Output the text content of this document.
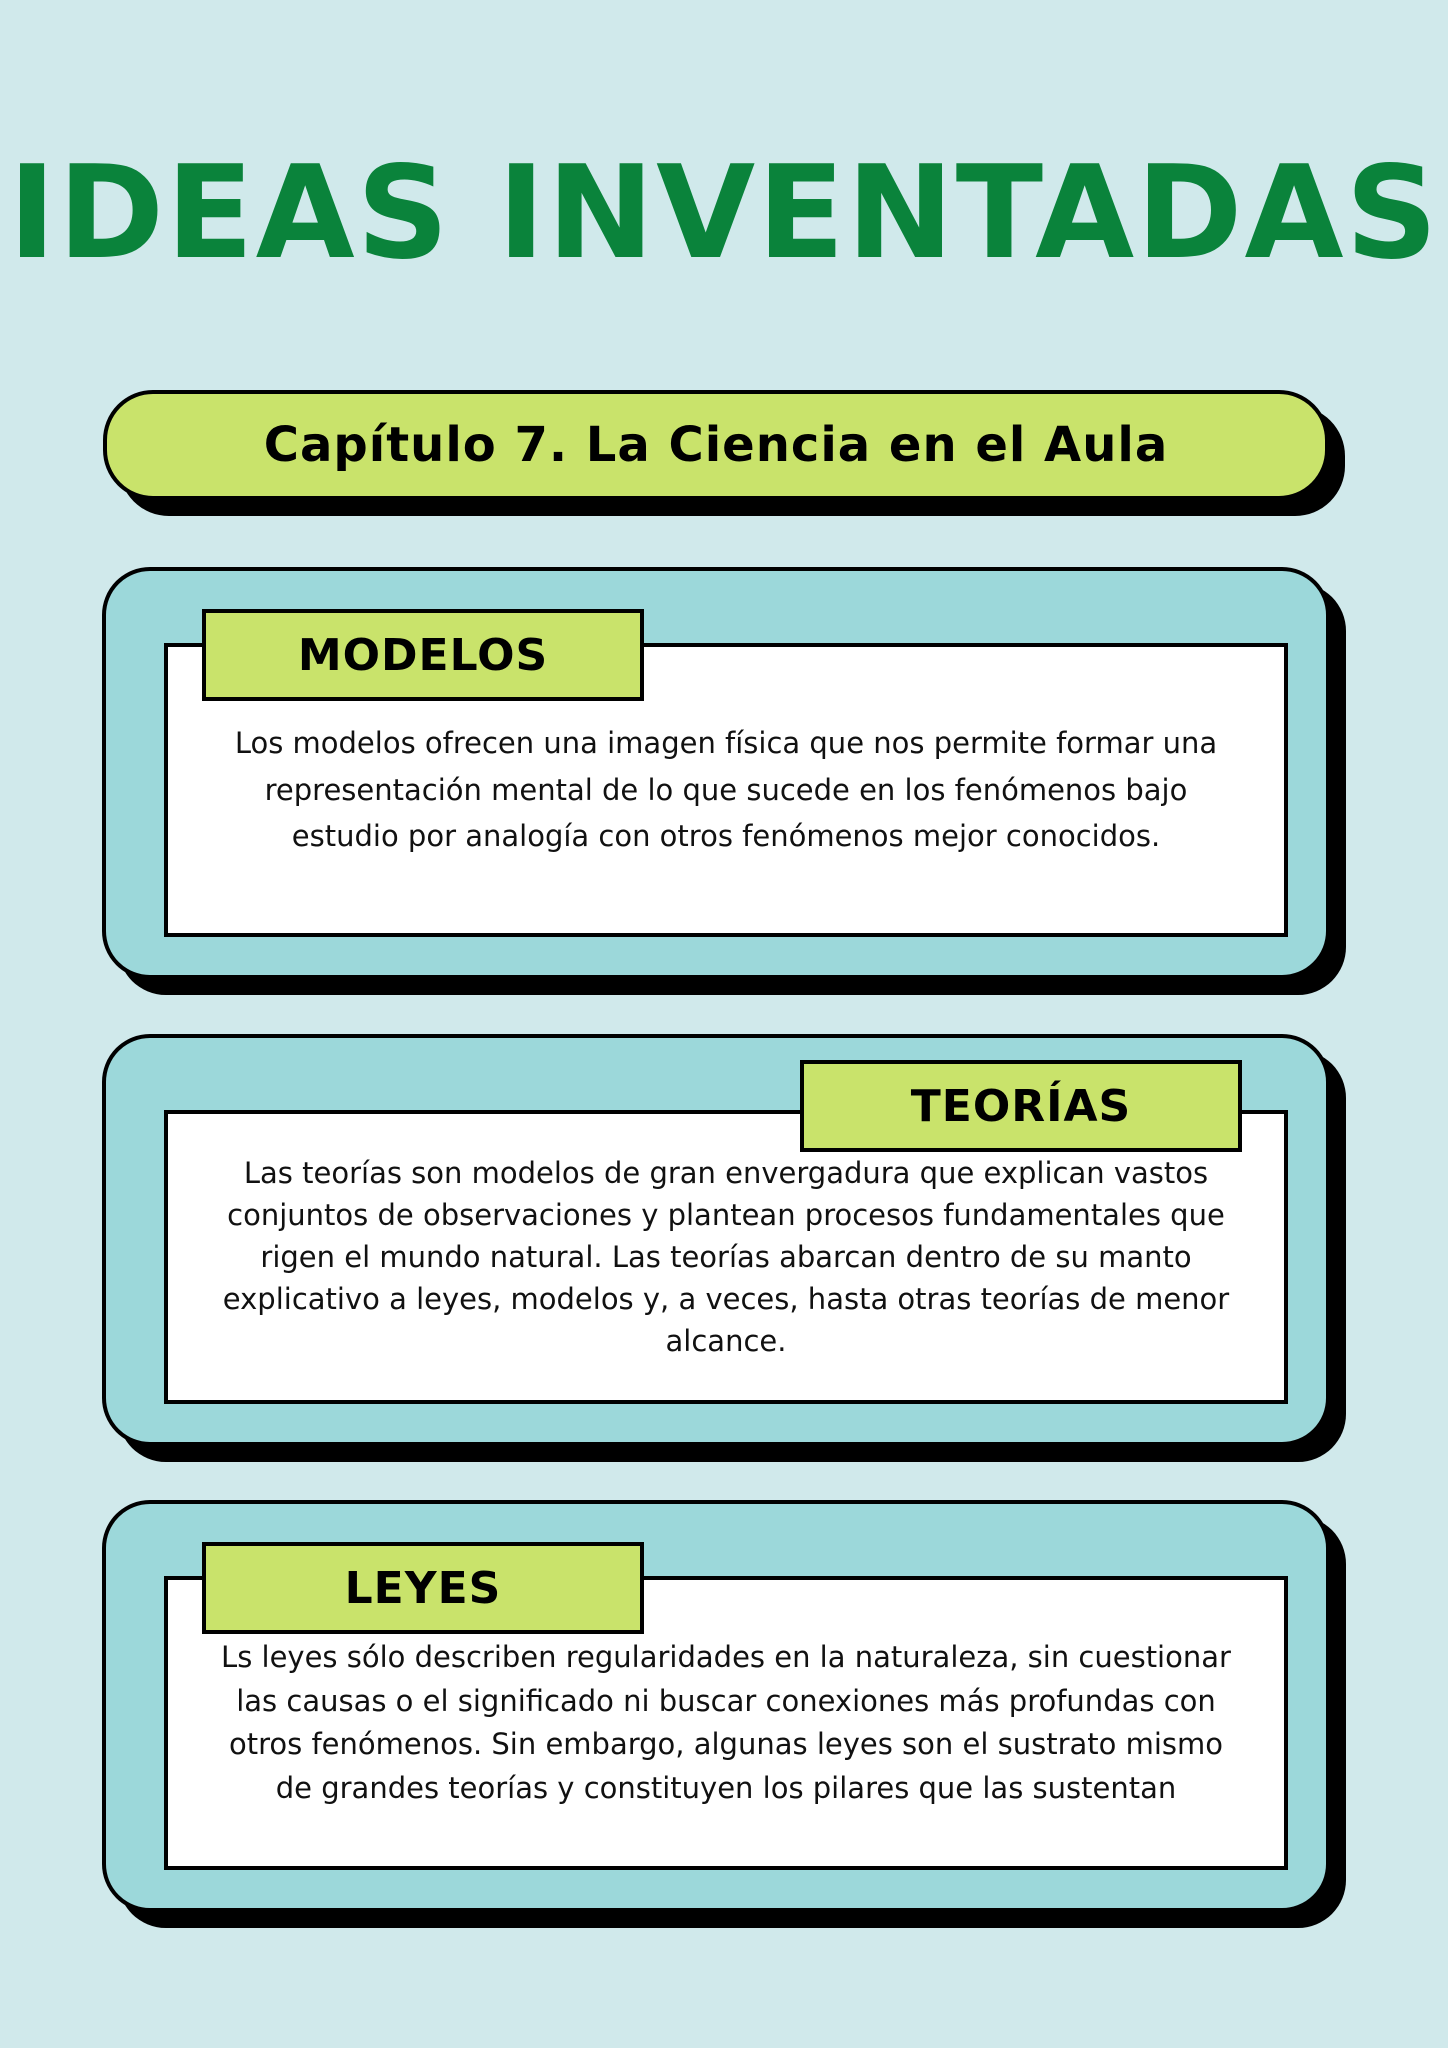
IDEAS INVENTADAS
Capítulo 7. La Ciencia en el Aula

Los modelos ofrecen una imagen física que nos permite formar una representación mental de lo que sucede en los fenómenos bajo estudio por analogía con otros fenómenos mejor conocidos.

MODELOS

Las teorías son modelos de gran envergadura que explican vastos conjuntos de observaciones y plantean procesos fundamentales que rigen el mundo natural. Las teorías abarcan dentro de su manto explicativo a leyes, modelos y, a veces, hasta otras teorías de menor alcance.

TEORÍAS

Ls leyes sólo describen regularidades en la naturaleza, sin cuestionar las causas o el significado ni buscar conexiones más profundas con otros fenómenos. Sin embargo, algunas leyes son el sustrato mismo de grandes teorías y constituyen los pilares que las sustentan

LEYES
